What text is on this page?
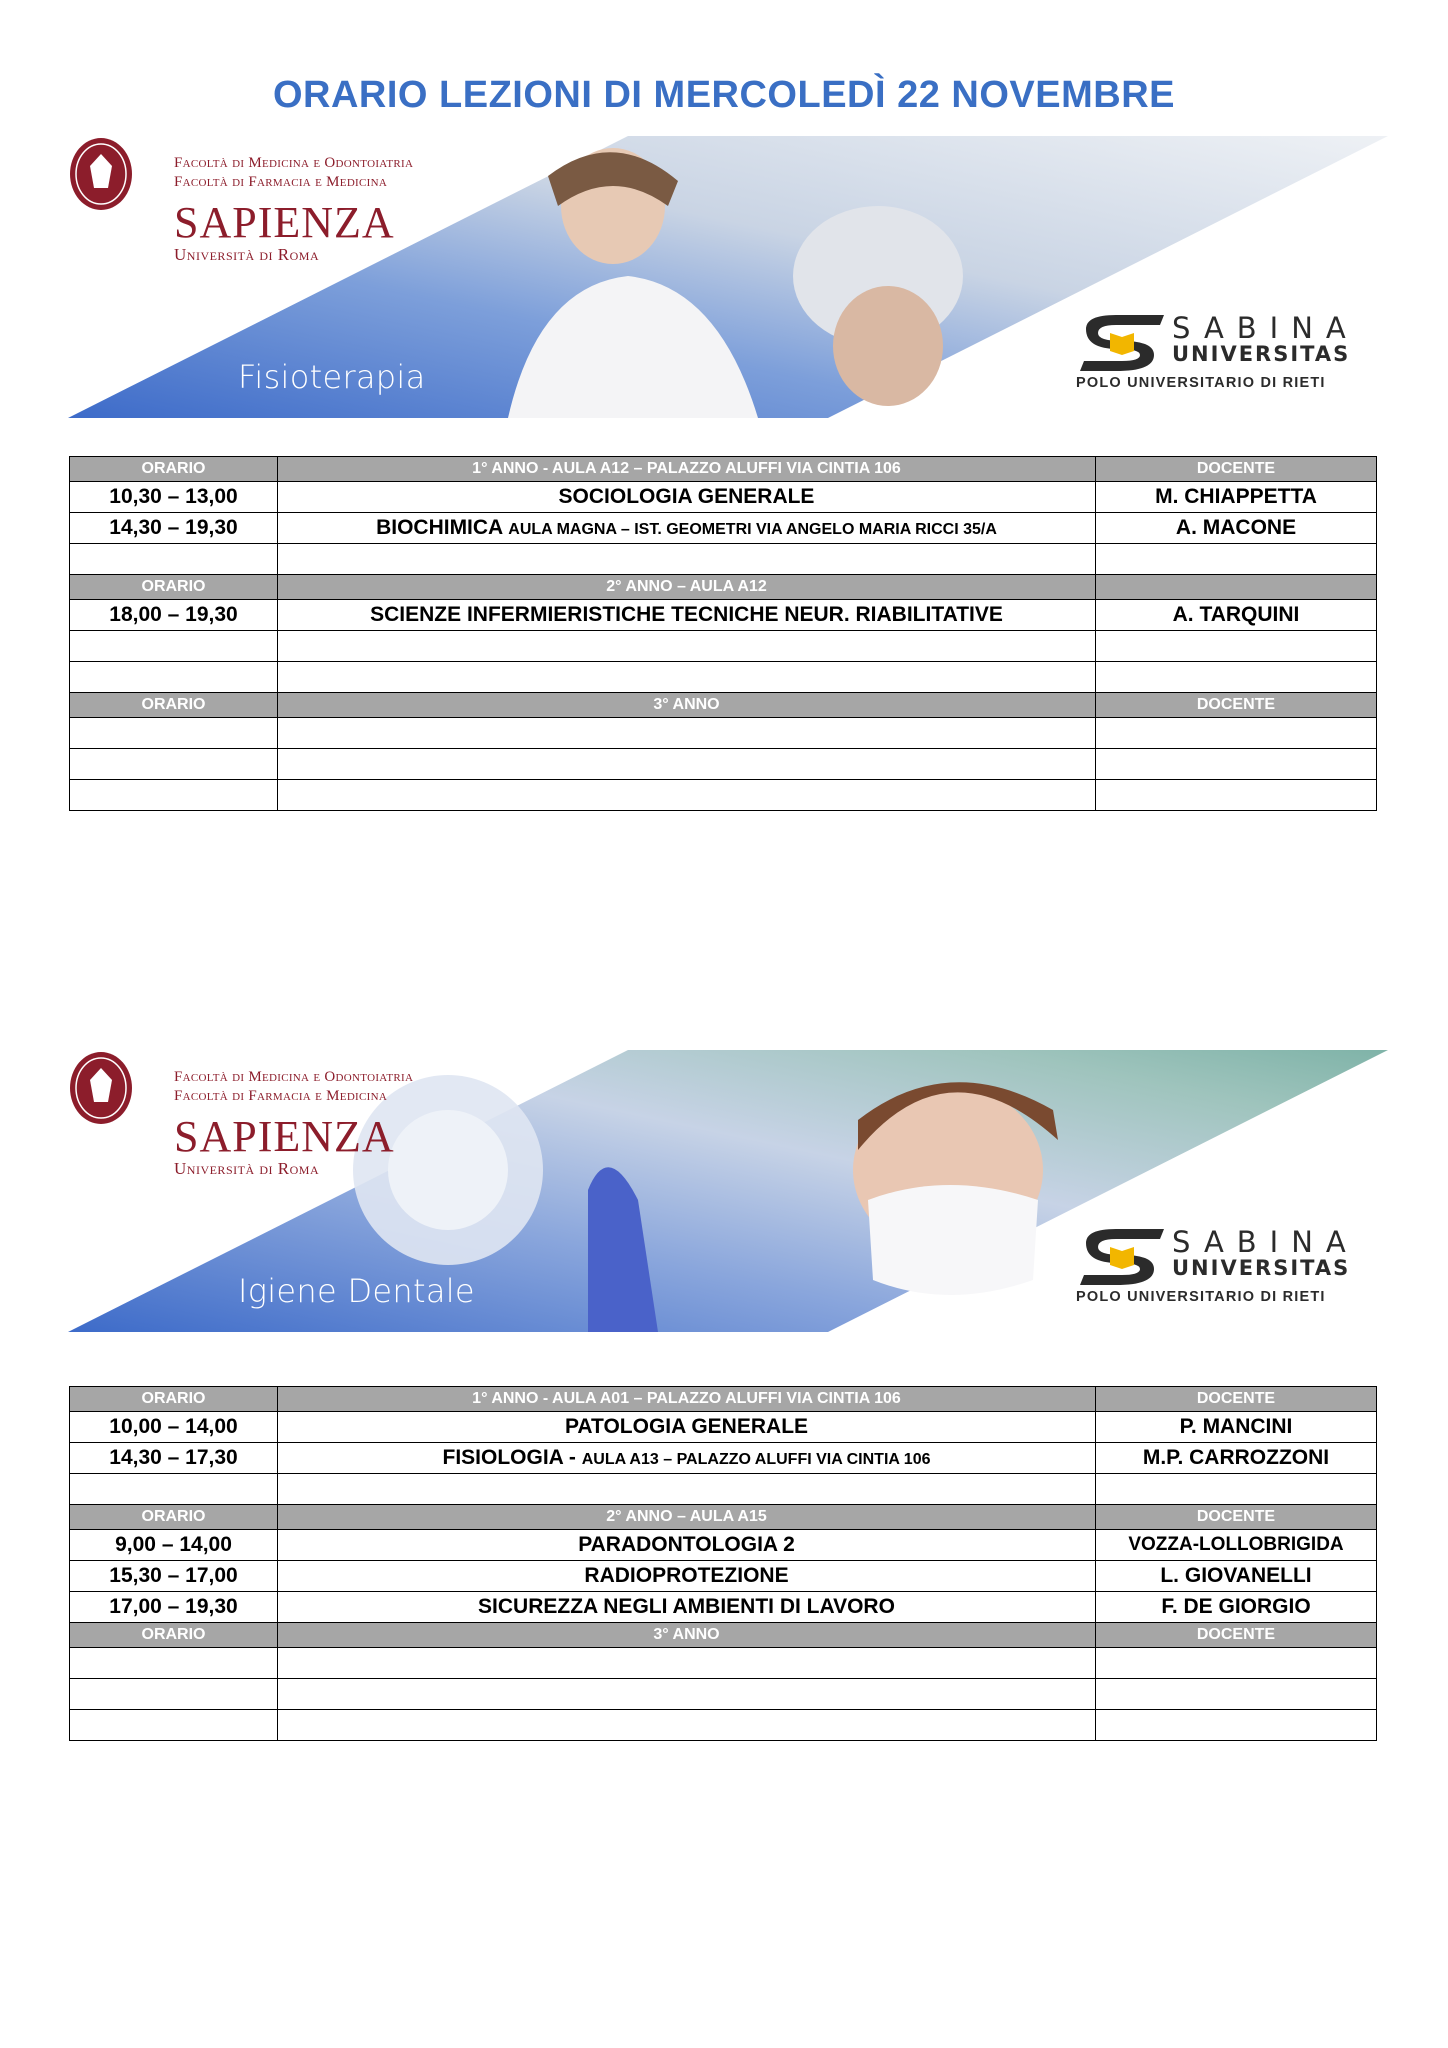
ORARIO LEZIONI DI MERCOLEDÌ 22 NOVEMBRE
Facoltà di Medicina e Odontoiatria
Facoltà di Farmacia e Medicina
SAPIENZA
Università di Roma
Fisioterapia
SABINA
UNIVERSITAS
POLO UNIVERSITARIO DI RIETI
ORARIO	1° ANNO - AULA A12 – PALAZZO ALUFFI VIA CINTIA 106	DOCENTE
10,30 – 13,00	SOCIOLOGIA GENERALE	M. CHIAPPETTA
14,30 – 19,30	BIOCHIMICA AULA MAGNA – IST. GEOMETRI VIA ANGELO MARIA RICCI 35/A	A. MACONE

ORARIO	2° ANNO – AULA A12	
18,00 – 19,30	SCIENZE INFERMIERISTICHE TECNICHE NEUR. RIABILITATIVE	A. TARQUINI

ORARIO	3° ANNO	DOCENTE

Facoltà di Medicina e Odontoiatria
Facoltà di Farmacia e Medicina
SAPIENZA
Università di Roma
Igiene Dentale
SABINA
UNIVERSITAS
POLO UNIVERSITARIO DI RIETI
ORARIO	1° ANNO - AULA A01 – PALAZZO ALUFFI VIA CINTIA 106	DOCENTE
10,00 – 14,00	PATOLOGIA GENERALE	P. MANCINI
14,30 – 17,30	FISIOLOGIA - AULA A13 – PALAZZO ALUFFI VIA CINTIA 106	M.P. CARROZZONI

ORARIO	2° ANNO – AULA A15	DOCENTE
9,00 – 14,00	PARADONTOLOGIA 2	VOZZA-LOLLOBRIGIDA
15,30 – 17,00	RADIOPROTEZIONE	L. GIOVANELLI
17,00 – 19,30	SICUREZZA NEGLI AMBIENTI DI LAVORO	F. DE GIORGIO
ORARIO	3° ANNO	DOCENTE
